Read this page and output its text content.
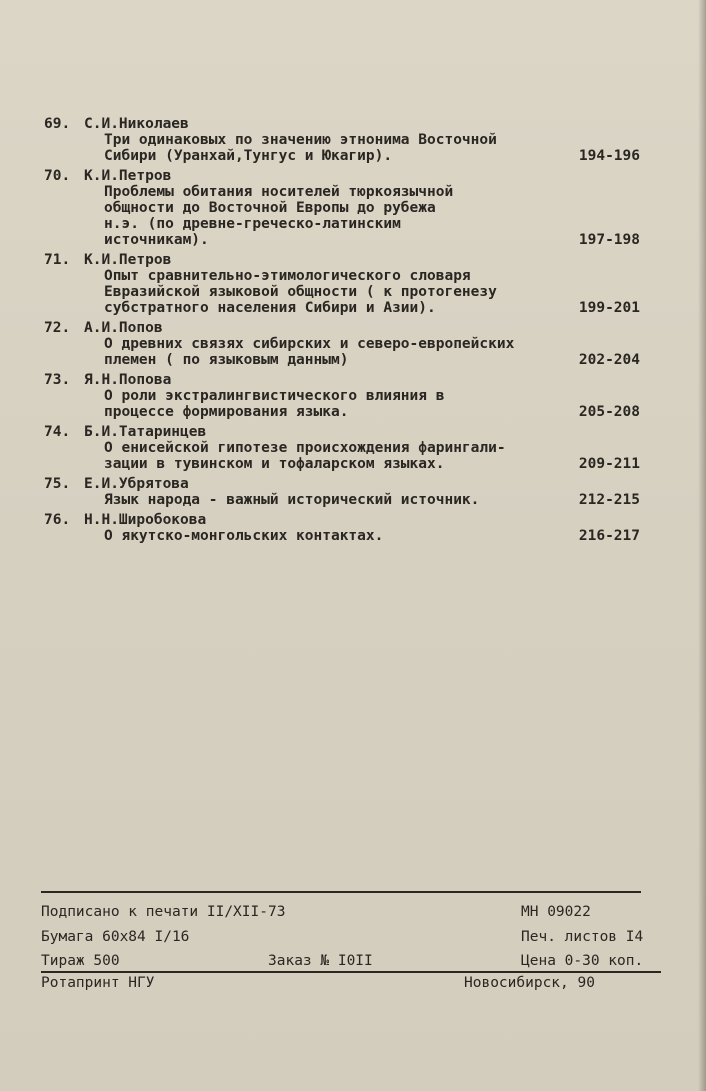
69. С.И.Николаев
Три одинаковых по значению этнонима Восточной
Сибири (Уранхай,Тунгус и Юкагир).	194-196
70. К.И.Петров
Проблемы обитания носителей тюркоязычной
общности до Восточной Европы до рубежа
н.э. (по древне-греческо-латинским
источникам).	197-198
71. К.И.Петров
Опыт сравнительно-этимологического словаря
Евразийской языковой общности ( к протогенезу
субстратного населения Сибири и Азии).	199-201
72. А.И.Попов
О древних связях сибирских и северо-европейских
племен ( по языковым данным)	202-204
73. Я.Н.Попова
О роли экстралингвистического влияния в
процессе формирования языка.	205-208
74. Б.И.Татаринцев
О енисейской гипотезе происхождения фарингали-
зации в тувинском и тофаларском языках.	209-211
75. Е.И.Убрятова
Язык народа - важный исторический источник.	212-215
76. Н.Н.Широбокова
О якутско-монгольских контактах.	216-217
Подписано к печати II/XII-73	МН 09022
Бумага 60х84 I/16	Печ. листов I4
Тираж 500	Заказ № I0II	Цена 0-30 коп.
Ротапринт НГУ	Новосибирск, 90
